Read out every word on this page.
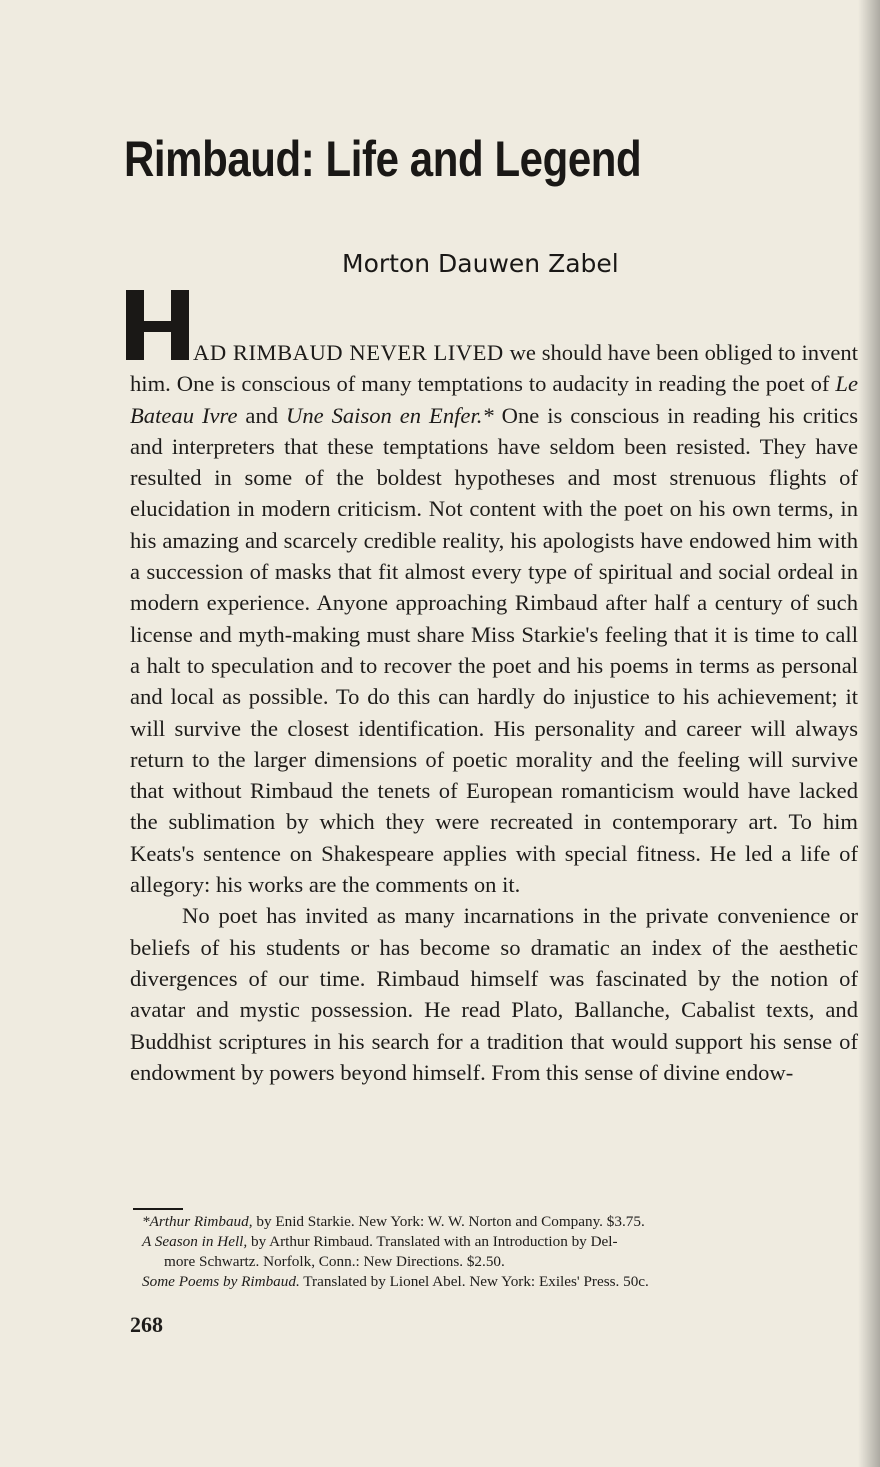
Rimbaud: Life and Legend
Morton Dauwen Zabel

AD RIMBAUD NEVER LIVED we should have been obliged to invent him. One is conscious of many temptations to audacity in reading the poet of Le Bateau Ivre and Une Saison en Enfer.* One is conscious in reading his critics and interpreters that these temptations have seldom been resisted. They have resulted in some of the boldest hypotheses and most strenuous flights of elucidation in modern criticism. Not content with the poet on his own terms, in his amazing and scarcely credible reality, his apologists have endowed him with a succession of masks that fit almost every type of spiritual and social ordeal in modern experience. Anyone approaching Rimbaud after half a century of such license and myth-making must share Miss Starkie's feeling that it is time to call a halt to speculation and to recover the poet and his poems in terms as personal and local as possible. To do this can hardly do injustice to his achievement; it will survive the closest identification. His personality and career will always return to the larger dimensions of poetic morality and the feeling will survive that without Rimbaud the tenets of European romanticism would have lacked the sublimation by which they were recreated in contemporary art. To him Keats's sentence on Shakespeare applies with special fitness. He led a life of allegory: his works are the comments on it.

No poet has invited as many incarnations in the private convenience or beliefs of his students or has become so dramatic an index of the aesthetic divergences of our time. Rimbaud himself was fascinated by the notion of avatar and mystic possession. He read Plato, Ballanche, Cabalist texts, and Buddhist scriptures in his search for a tradition that would support his sense of endowment by powers beyond himself. From this sense of divine endow-

*Arthur Rimbaud, by Enid Starkie. New York: W. W. Norton and Company. $3.75.

A Season in Hell, by Arthur Rimbaud. Translated with an Introduction by Del-

more Schwartz. Norfolk, Conn.: New Directions. $2.50.

Some Poems by Rimbaud. Translated by Lionel Abel. New York: Exiles' Press. 50c.

268
